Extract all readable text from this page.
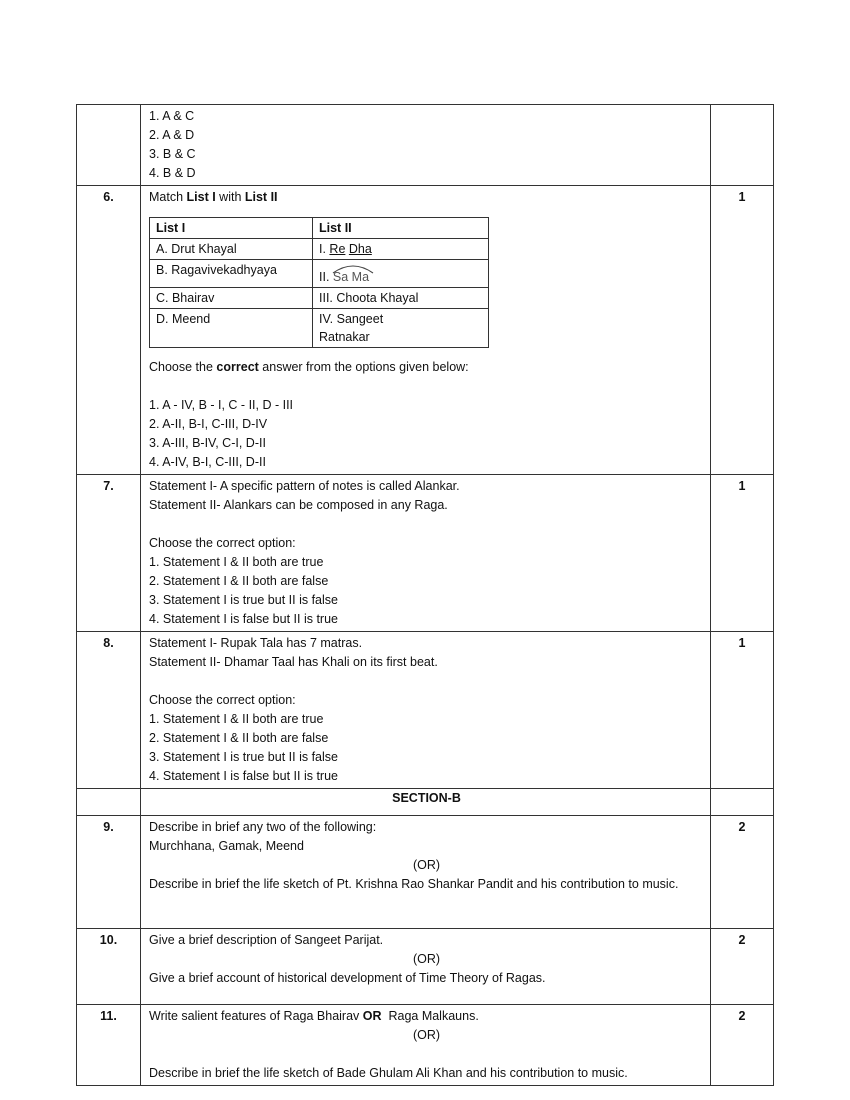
1. A & C
2. A & D
3. B & C
4. B & D

6.	Match List I with List II
List I	List II
A. Drut Khayal	I. Re Dha
B. Ragavivekadhyaya	II.
Sa Ma
C. Bhairav	III. Choota Khayal
D. Meend	IV. Sangeet
Ratnakar
Choose the correct answer from the options given below:
1. A - IV, B - I, C - II, D - III
2. A-II, B-I, C-III, D-IV
3. A-III, B-IV, C-I, D-II
4. A-IV, B-I, C-III, D-II
	1
7.	Statement I- A specific pattern of notes is called Alankar.
Statement II- Alankars can be composed in any Raga.
Choose the correct option:
1. Statement I & II both are true
2. Statement I & II both are false
3. Statement I is true but II is false
4. Statement I is false but II is true
	1
8.	Statement I- Rupak Tala has 7 matras.
Statement II- Dhamar Taal has Khali on its first beat.
Choose the correct option:
1. Statement I & II both are true
2. Statement I & II both are false
3. Statement I is true but II is false
4. Statement I is false but II is true
	1
	SECTION-B	
9.	Describe in brief any two of the following:
Murchhana, Gamak, Meend
(OR)
Describe in brief the life sketch of Pt. Krishna Rao Shankar Pandit and his contribution to music.
	2
10.	Give a brief description of Sangeet Parijat.
(OR)
Give a brief account of historical development of Time Theory of Ragas.
	2
11.	Write salient features of Raga Bhairav OR  Raga Malkauns.
(OR)
Describe in brief the life sketch of Bade Ghulam Ali Khan and his contribution to music.
	2
